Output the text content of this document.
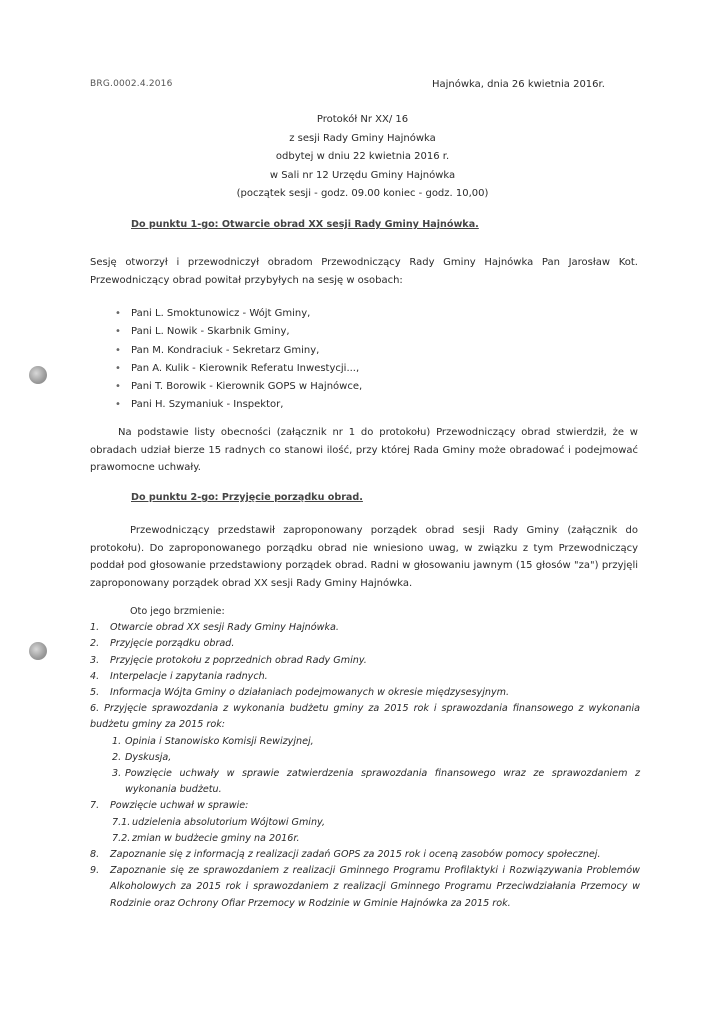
BRG.0002.4.2016	Hajnówka, dnia 26 kwietnia 2016r.
Protokół Nr XX/ 16
z sesji Rady Gminy Hajnówka
odbytej w dniu 22 kwietnia 2016 r.
w Sali nr 12 Urzędu Gminy Hajnówka
(początek sesji - godz. 09.00 koniec - godz. 10,00)
Do punktu 1-go: Otwarcie obrad XX sesji Rady Gminy Hajnówka.
Sesję otworzył i przewodniczył obradom Przewodniczący Rady Gminy Hajnówka Pan Jarosław Kot. Przewodniczący obrad powitał przybyłych na sesję w osobach:
• Pani L. Smoktunowicz - Wójt Gminy,
• Pani L. Nowik - Skarbnik Gminy,
• Pan M. Kondraciuk - Sekretarz Gminy,
• Pan A. Kulik - Kierownik Referatu Inwestycji...,
• Pani T. Borowik - Kierownik GOPS w Hajnówce,
• Pani H. Szymaniuk - Inspektor,
Na podstawie listy obecności (załącznik nr 1 do protokołu) Przewodniczący obrad stwierdził, że w obradach udział bierze 15 radnych co stanowi ilość, przy której Rada Gminy może obradować i podejmować prawomocne uchwały.
Do punktu 2-go: Przyjęcie porządku obrad.
Przewodniczący przedstawił zaproponowany porządek obrad sesji Rady Gminy (załącznik do protokołu). Do zaproponowanego porządku obrad nie wniesiono uwag, w związku z tym Przewodniczący poddał pod głosowanie przedstawiony porządek obrad. Radni w głosowaniu jawnym (15 głosów "za") przyjęli zaproponowany porządek obrad XX sesji Rady Gminy Hajnówka.
Oto jego brzmienie:
1. Otwarcie obrad XX sesji Rady Gminy Hajnówka.
2. Przyjęcie porządku obrad.
3. Przyjęcie protokołu z poprzednich obrad Rady Gminy.
4. Interpelacje i zapytania radnych.
5. Informacja Wójta Gminy o działaniach podejmowanych w okresie międzysesyjnym.
6. Przyjęcie sprawozdania z wykonania budżetu gminy za 2015 rok i sprawozdania finansowego z wykonania budżetu gminy za 2015 rok:
1. Opinia i Stanowisko Komisji Rewizyjnej,
2. Dyskusja,
3. Powzięcie uchwały w sprawie zatwierdzenia sprawozdania finansowego wraz ze sprawozdaniem z wykonania budżetu.
7. Powzięcie uchwał w sprawie:
7.1. udzielenia absolutorium Wójtowi Gminy,
7.2. zmian w budżecie gminy na 2016r.
8. Zapoznanie się z informacją z realizacji zadań GOPS za 2015 rok i oceną zasobów pomocy społecznej.
9. Zapoznanie się ze sprawozdaniem z realizacji Gminnego Programu Profilaktyki i Rozwiązywania Problemów Alkoholowych za 2015 rok i sprawozdaniem z realizacji Gminnego Programu Przeciwdziałania Przemocy w Rodzinie oraz Ochrony Ofiar Przemocy w Rodzinie w Gminie Hajnówka za 2015 rok.
